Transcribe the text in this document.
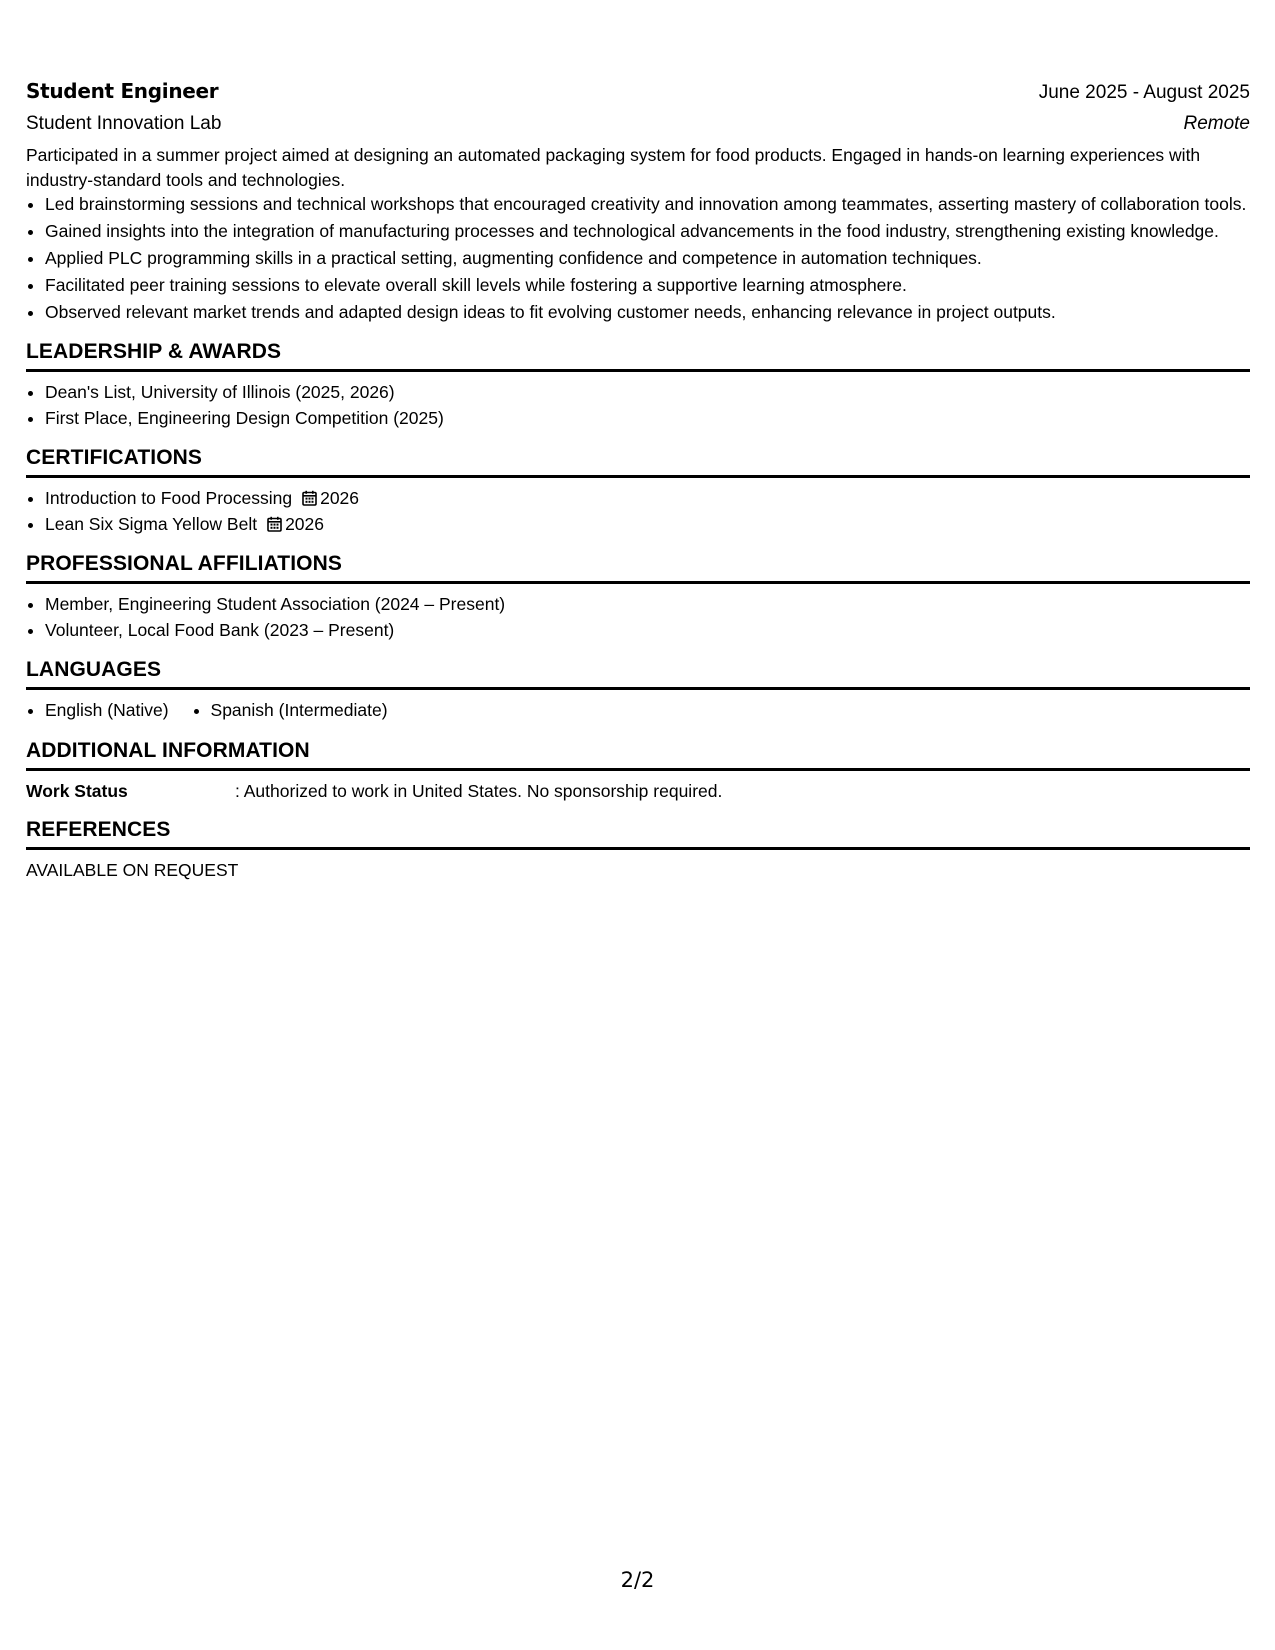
Student Engineer	June 2025 - August 2025
Student Innovation Lab	Remote
Participated in a summer project aimed at designing an automated packaging system for food products. Engaged in hands-on learning experiences with industry-standard tools and technologies.
• Led brainstorming sessions and technical workshops that encouraged creativity and innovation among teammates, asserting mastery of collaboration tools.
• Gained insights into the integration of manufacturing processes and technological advancements in the food industry, strengthening existing knowledge.
• Applied PLC programming skills in a practical setting, augmenting confidence and competence in automation techniques.
• Facilitated peer training sessions to elevate overall skill levels while fostering a supportive learning atmosphere.
• Observed relevant market trends and adapted design ideas to fit evolving customer needs, enhancing relevance in project outputs.
LEADERSHIP & AWARDS
• Dean's List, University of Illinois (2025, 2026)
• First Place, Engineering Design Competition (2025)
CERTIFICATIONS
• Introduction to Food Processing 2026
• Lean Six Sigma Yellow Belt 2026
PROFESSIONAL AFFILIATIONS
• Member, Engineering Student Association (2024 – Present)
• Volunteer, Local Food Bank (2023 – Present)
LANGUAGES
• English (Native)
• Spanish (Intermediate)
ADDITIONAL INFORMATION
Work Status	: Authorized to work in United States. No sponsorship required.
REFERENCES
AVAILABLE ON REQUEST
2/2
